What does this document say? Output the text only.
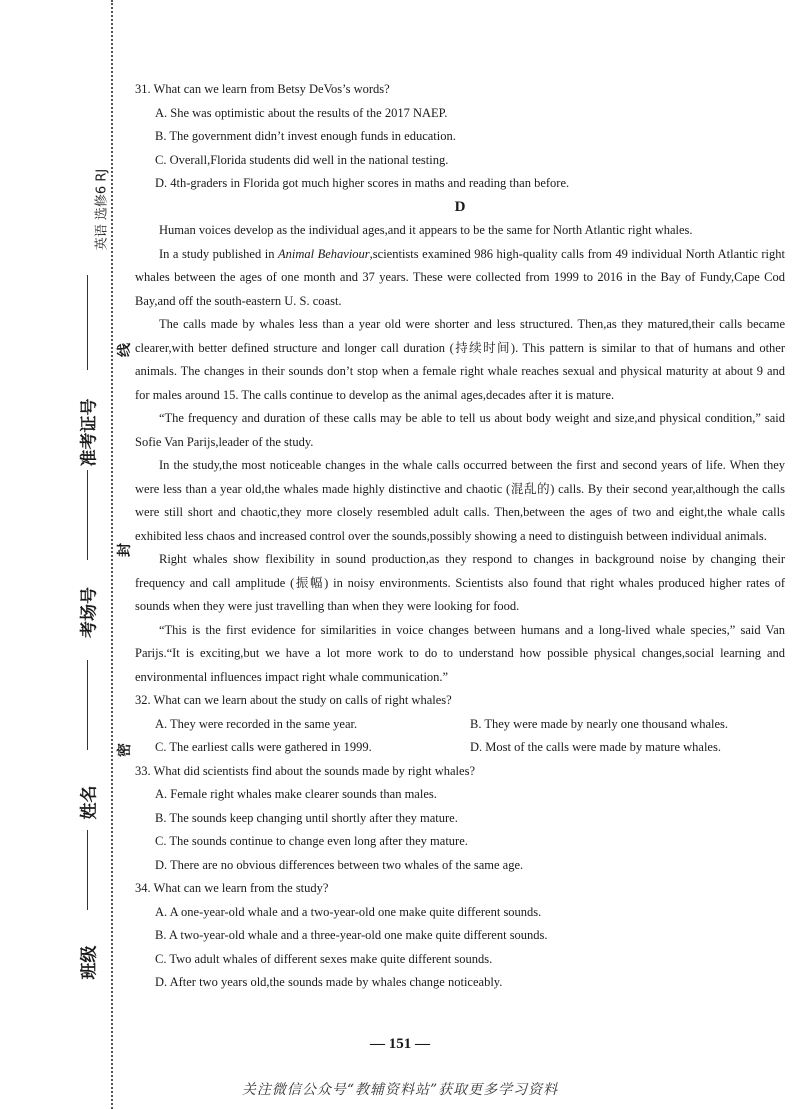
英语 选修6 RJ
准考证号
考场号
姓名
班级
线
封
密

31. What can we learn from Betsy DeVos’s words?

A. She was optimistic about the results of the 2017 NAEP.

B. The government didn’t invest enough funds in education.

C. Overall,Florida students did well in the national testing.

D. 4th-graders in Florida got much higher scores in maths and reading than before.

D

Human voices develop as the individual ages,and it appears to be the same for North Atlantic right whales.

In a study published in Animal Behaviour,scientists examined 986 high-quality calls from 49 individual North Atlantic right whales between the ages of one month and 37 years. These were collected from 1999 to 2016 in the Bay of Fundy,Cape Cod Bay,and off the south-eastern U. S. coast.

The calls made by whales less than a year old were shorter and less structured. Then,as they matured,their calls became clearer,with better defined structure and longer call duration (持续时间). This pattern is similar to that of humans and other animals. The changes in their sounds don’t stop when a female right whale reaches sexual and physical maturity at about 9 and for males around 15. The calls continue to develop as the animal ages,decades after it is mature.

“The frequency and duration of these calls may be able to tell us about body weight and size,and physical condition,” said Sofie Van Parijs,leader of the study.

In the study,the most noticeable changes in the whale calls occurred between the first and second years of life. When they were less than a year old,the whales made highly distinctive and chaotic (混乱的) calls. By their second year,although the calls were still short and chaotic,they more closely resembled adult calls. Then,between the ages of two and eight,the whale calls exhibited less chaos and increased control over the sounds,possibly showing a need to distinguish between individual animals.

Right whales show flexibility in sound production,as they respond to changes in background noise by changing their frequency and call amplitude (振幅) in noisy environments. Scientists also found that right whales produced higher rates of sounds when they were just travelling than when they were looking for food.

“This is the first evidence for similarities in voice changes between humans and a long-lived whale species,” said Van Parijs.“It is exciting,but we have a lot more work to do to understand how possible physical changes,social learning and environmental influences impact right whale communication.”

32. What can we learn about the study on calls of right whales?

A. They were recorded in the same year.	B. They were made by nearly one thousand whales.
C. The earliest calls were gathered in 1999.	D. Most of the calls were made by mature whales.

33. What did scientists find about the sounds made by right whales?

A. Female right whales make clearer sounds than males.

B. The sounds keep changing until shortly after they mature.

C. The sounds continue to change even long after they mature.

D. There are no obvious differences between two whales of the same age.

34. What can we learn from the study?

A. A one-year-old whale and a two-year-old one make quite different sounds.

B. A two-year-old whale and a three-year-old one make quite different sounds.

C. Two adult whales of different sexes make quite different sounds.

D. After two years old,the sounds made by whales change noticeably.

— 151 —
关注微信公众号“教辅资料站”获取更多学习资料
